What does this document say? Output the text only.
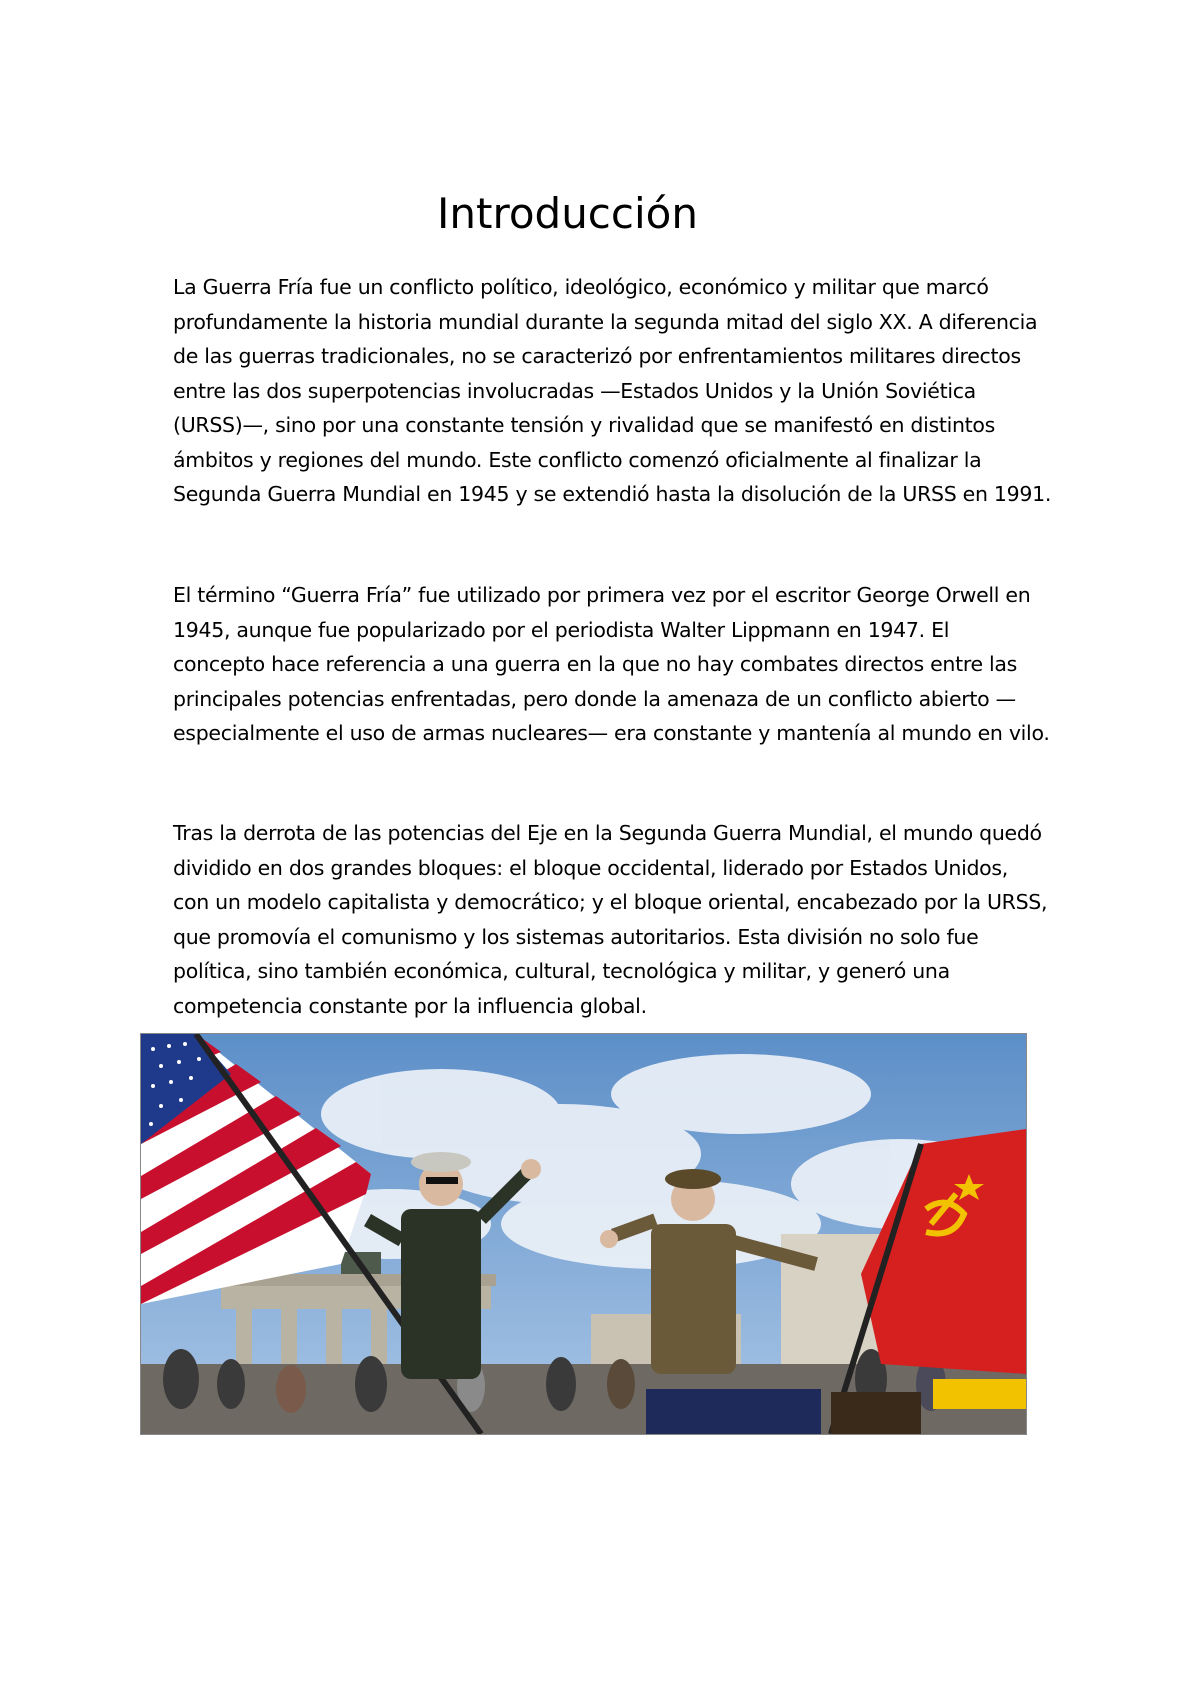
Introducción

La Guerra Fría fue un conflicto político, ideológico, económico y militar que marcó
profundamente la historia mundial durante la segunda mitad del siglo XX. A diferencia
de las guerras tradicionales, no se caracterizó por enfrentamientos militares directos
entre las dos superpotencias involucradas —Estados Unidos y la Unión Soviética
(URSS)—, sino por una constante tensión y rivalidad que se manifestó en distintos
ámbitos y regiones del mundo. Este conflicto comenzó oficialmente al finalizar la
Segunda Guerra Mundial en 1945 y se extendió hasta la disolución de la URSS en 1991.

El término “Guerra Fría” fue utilizado por primera vez por el escritor George Orwell en
1945, aunque fue popularizado por el periodista Walter Lippmann en 1947. El
concepto hace referencia a una guerra en la que no hay combates directos entre las
principales potencias enfrentadas, pero donde la amenaza de un conflicto abierto —
especialmente el uso de armas nucleares— era constante y mantenía al mundo en vilo.

Tras la derrota de las potencias del Eje en la Segunda Guerra Mundial, el mundo quedó
dividido en dos grandes bloques: el bloque occidental, liderado por Estados Unidos,
con un modelo capitalista y democrático; y el bloque oriental, encabezado por la URSS,
que promovía el comunismo y los sistemas autoritarios. Esta división no solo fue
política, sino también económica, cultural, tecnológica y militar, y generó una
competencia constante por la influencia global.
